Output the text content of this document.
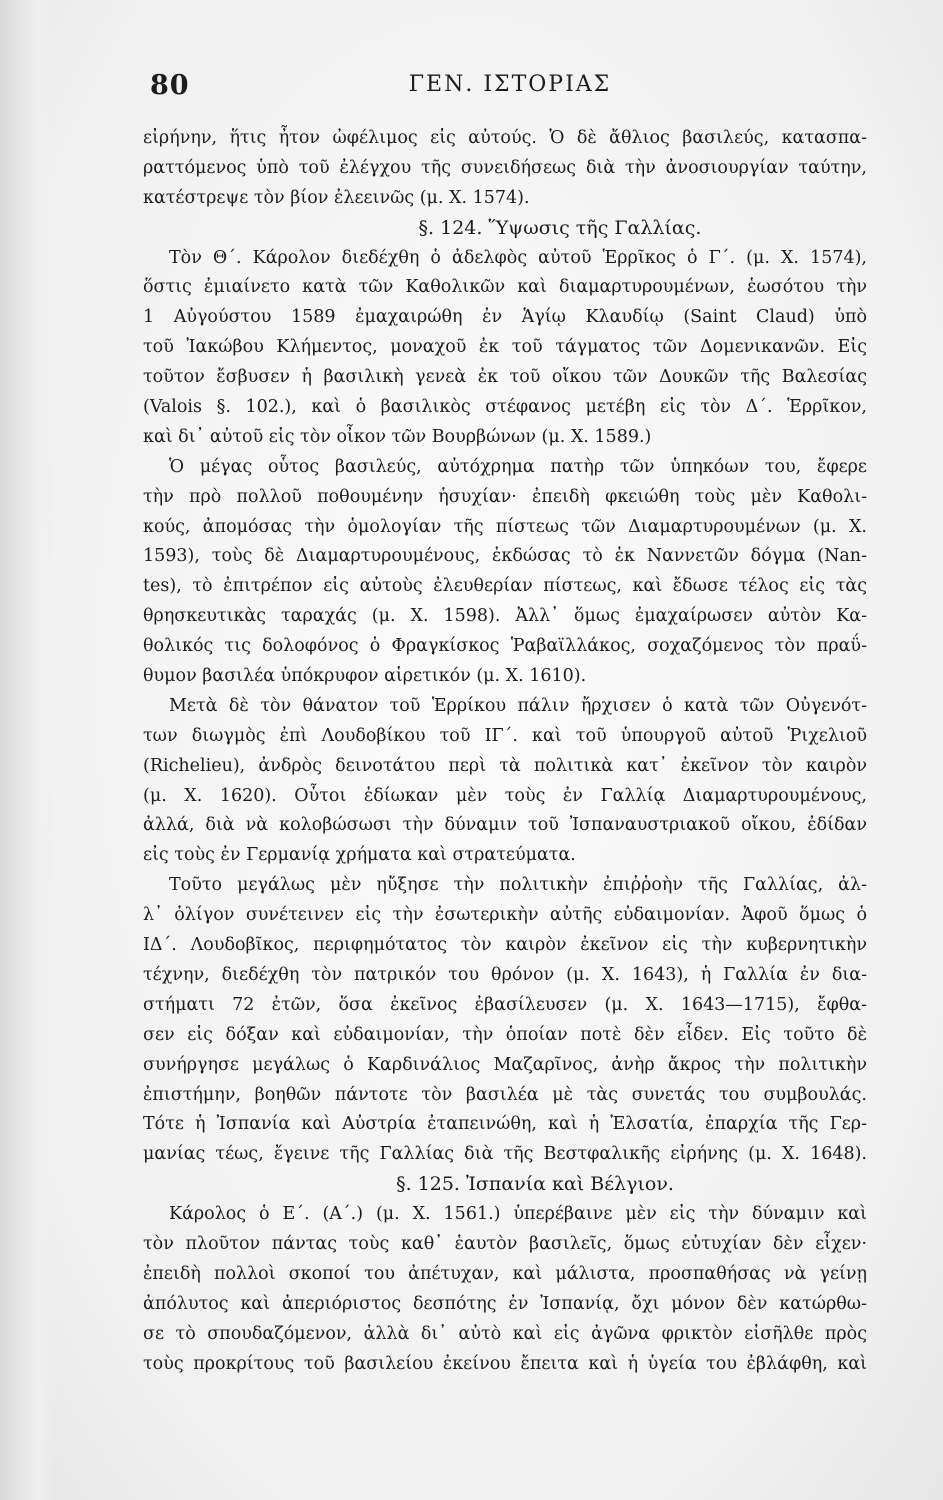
80	ΓΕΝ. ΙΣΤΟΡΙΑΣ
εἰρήνην, ἥτις ἦτον ὠφέλιμος εἰς αὐτούς. Ὁ δὲ ἄθλιος βασιλεύς, κατασπα-
ραττόμενος ὑπὸ τοῦ ἐλέγχου τῆς συνειδήσεως διὰ τὴν ἀνοσιουργίαν ταύτην,
κατέστρεψε τὸν βίον ἐλεεινῶς (μ. Χ. 1574).
§. 124. Ὕψωσις τῆς Γαλλίας.
Τὸν Θ΄. Κάρολον διεδέχθη ὁ ἀδελφὸς αὐτοῦ Ἑρρῖκος ὁ Γ΄. (μ. Χ. 1574),
ὅστις ἐμιαίνετο κατὰ τῶν Καθολικῶν καὶ διαμαρτυρουμένων, ἑωσότου τὴν
1 Αὐγούστου 1589 ἐμαχαιρώθη ἐν Ἁγίῳ Κλαυδίῳ (Saint Claud) ὑπὸ
τοῦ Ἰακώβου Κλήμεντος, μοναχοῦ ἐκ τοῦ τάγματος τῶν Δομενικανῶν. Εἰς
τοῦτον ἔσβυσεν ἡ βασιλικὴ γενεὰ ἐκ τοῦ οἴκου τῶν Δουκῶν τῆς Βαλεσίας
(Valois §. 102.), καὶ ὁ βασιλικὸς στέφανος μετέβη εἰς τὸν Δ΄. Ἑρρῖκον,
καὶ δι᾽ αὐτοῦ εἰς τὸν οἶκον τῶν Βουρβώνων (μ. Χ. 1589.)
Ὁ μέγας οὗτος βασιλεύς, αὐτόχρημα πατὴρ τῶν ὑπηκόων του, ἔφερε
τὴν πρὸ πολλοῦ ποθουμένην ἡσυχίαν· ἐπειδὴ φκειώθη τοὺς μὲν Καθολι-
κούς, ἀπομόσας τὴν ὁμολογίαν τῆς πίστεως τῶν Διαμαρτυρουμένων (μ. Χ.
1593), τοὺς δὲ Διαμαρτυρουμένους, ἐκδώσας τὸ ἐκ Ναννετῶν δόγμα (Nan-
tes), τὸ ἐπιτρέπον εἰς αὐτοὺς ἐλευθερίαν πίστεως, καὶ ἔδωσε τέλος εἰς τὰς
θρησκευτικὰς ταραχάς (μ. Χ. 1598). Ἀλλ᾽ ὅμως ἐμαχαίρωσεν αὐτὸν Κα-
θολικός τις δολοφόνος ὁ Φραγκίσκος Ῥαβαϊλλάκος, σοχαζόμενος τὸν πραΰ-
θυμον βασιλέα ὑπόκρυφον αἱρετικόν (μ. Χ. 1610).
Μετὰ δὲ τὸν θάνατον τοῦ Ἑρρίκου πάλιν ἤρχισεν ὁ κατὰ τῶν Οὐγενότ-
των διωγμὸς ἐπὶ Λουδοβίκου τοῦ ΙΓ΄. καὶ τοῦ ὑπουργοῦ αὐτοῦ Ῥιχελιοῦ
(Richelieu), ἀνδρὸς δεινοτάτου περὶ τὰ πολιτικὰ κατ᾽ ἐκεῖνον τὸν καιρὸν
(μ. Χ. 1620). Οὗτοι ἐδίωκαν μὲν τοὺς ἐν Γαλλίᾳ Διαμαρτυρουμένους,
ἀλλά, διὰ νὰ κολοβώσωσι τὴν δύναμιν τοῦ Ἰσπαναυστριακοῦ οἴκου, ἐδίδαν
εἰς τοὺς ἐν Γερμανίᾳ χρήματα καὶ στρατεύματα.
Τοῦτο μεγάλως μὲν ηὔξησε τὴν πολιτικὴν ἐπιῤῥοὴν τῆς Γαλλίας, ἀλ-
λ᾽ ὀλίγον συνέτεινεν εἰς τὴν ἐσωτερικὴν αὐτῆς εὐδαιμονίαν. Ἀφοῦ ὅμως ὁ
ΙΔ΄. Λουδοβῖκος, περιφημότατος τὸν καιρὸν ἐκεῖνον εἰς τὴν κυβερνητικὴν
τέχνην, διεδέχθη τὸν πατρικόν του θρόνον (μ. Χ. 1643), ἡ Γαλλία ἐν δια-
στήματι 72 ἐτῶν, ὅσα ἐκεῖνος ἐβασίλευσεν (μ. Χ. 1643—1715), ἔφθα-
σεν εἰς δόξαν καὶ εὐδαιμονίαν, τὴν ὁποίαν ποτὲ δὲν εἶδεν. Εἰς τοῦτο δὲ
συνήργησε μεγάλως ὁ Καρδινάλιος Μαζαρῖνος, ἀνὴρ ἄκρος τὴν πολιτικὴν
ἐπιστήμην, βοηθῶν πάντοτε τὸν βασιλέα μὲ τὰς συνετάς του συμβουλάς.
Τότε ἡ Ἰσπανία καὶ Αὐστρία ἐταπεινώθη, καὶ ἡ Ἐλσατία, ἐπαρχία τῆς Γερ-
μανίας τέως, ἔγεινε τῆς Γαλλίας διὰ τῆς Βεστφαλικῆς εἰρήνης (μ. Χ. 1648).
§. 125. Ἰσπανία καὶ Βέλγιον.
Κάρολος ὁ Ε΄. (Α΄.) (μ. Χ. 1561.) ὑπερέβαινε μὲν εἰς τὴν δύναμιν καὶ
τὸν πλοῦτον πάντας τοὺς καθ᾽ ἑαυτὸν βασιλεῖς, ὅμως εὐτυχίαν δὲν εἶχεν·
ἐπειδὴ πολλοὶ σκοποί του ἀπέτυχαν, καὶ μάλιστα, προσπαθήσας νὰ γείνῃ
ἀπόλυτος καὶ ἀπεριόριστος δεσπότης ἐν Ἰσπανίᾳ, ὄχι μόνον δὲν κατώρθω-
σε τὸ σπουδαζόμενον, ἀλλὰ δι᾽ αὐτὸ καὶ εἰς ἀγῶνα φρικτὸν εἰσῆλθε πρὸς
τοὺς προκρίτους τοῦ βασιλείου ἐκείνου ἔπειτα καὶ ἡ ὑγεία του ἐβλάφθη, καὶ
